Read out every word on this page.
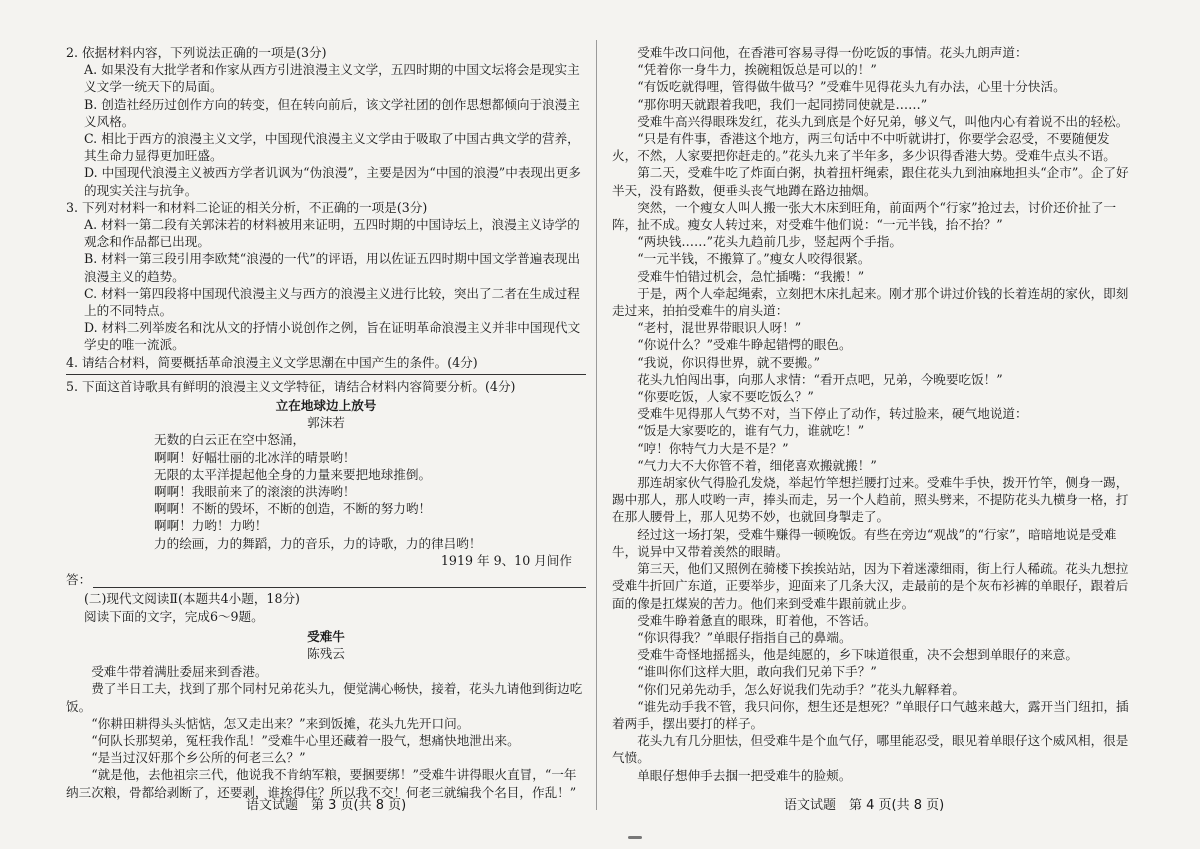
2. 依据材料内容，下列说法正确的一项是(3分)

A. 如果没有大批学者和作家从西方引进浪漫主义文学，五四时期的中国文坛将会是现实主义文学一统天下的局面。

B. 创造社经历过创作方向的转变，但在转向前后，该文学社团的创作思想都倾向于浪漫主义风格。

C. 相比于西方的浪漫主义文学，中国现代浪漫主义文学由于吸取了中国古典文学的营养，其生命力显得更加旺盛。

D. 中国现代浪漫主义被西方学者讥讽为“伪浪漫”，主要是因为“中国的浪漫”中表现出更多的现实关注与抗争。

3. 下列对材料一和材料二论证的相关分析，不正确的一项是(3分)

A. 材料一第二段有关郭沫若的材料被用来证明，五四时期的中国诗坛上，浪漫主义诗学的观念和作品都已出现。

B. 材料一第三段引用李欧梵“浪漫的一代”的评语，用以佐证五四时期中国文学普遍表现出浪漫主义的趋势。

C. 材料一第四段将中国现代浪漫主义与西方的浪漫主义进行比较，突出了二者在生成过程上的不同特点。

D. 材料二列举废名和沈从文的抒情小说创作之例，旨在证明革命浪漫主义并非中国现代文学史的唯一流派。

4. 请结合材料，简要概括革命浪漫主义文学思潮在中国产生的条件。(4分)

5. 下面这首诗歌具有鲜明的浪漫主义文学特征，请结合材料内容简要分析。(4分)

立在地球边上放号

郭沫若

无数的白云正在空中怒涌，

啊啊！好幅壮丽的北冰洋的晴景哟！

无限的太平洋提起他全身的力量来要把地球推倒。

啊啊！我眼前来了的滚滚的洪涛哟！

啊啊！不断的毁坏，不断的创造，不断的努力哟！

啊啊！力哟！力哟！

力的绘画，力的舞蹈，力的音乐，力的诗歌，力的律吕哟！

1919 年 9、10 月间作

答：

(二)现代文阅读Ⅱ(本题共4小题，18分)

阅读下面的文字，完成6～9题。

受难牛

陈残云

受难牛带着满肚委屈来到香港。

费了半日工夫，找到了那个同村兄弟花头九，便觉满心畅快，接着，花头九请他到街边吃饭。

“你耕田耕得头头惦惦，怎又走出来？”来到饭摊，花头九先开口问。

“何队长那契弟，冤枉我作乱！”受难牛心里还藏着一股气，想痛快地泄出来。

“是当过汉奸那个乡公所的何老三么？”

“就是他，去他祖宗三代，他说我不肯纳军粮，要捆要绑！”受难牛讲得眼火直冒，“一年纳三次粮，骨都给剥断了，还要剥，谁挨得住？所以我不交！何老三就编我个名目，作乱！”

受难牛改口问他，在香港可容易寻得一份吃饭的事情。花头九朗声道：

“凭着你一身牛力，挨碗粗饭总是可以的！”

“有饭吃就得哩，管得做牛做马？”受难牛见得花头九有办法，心里十分快活。

“那你明天就跟着我吧，我们一起同捞同使就是……”

受难牛高兴得眼珠发红，花头九到底是个好兄弟，够义气，叫他内心有着说不出的轻松。

“只是有件事，香港这个地方，两三句话中不中听就讲打，你要学会忍受，不要随便发火，不然，人家要把你赶走的。”花头九来了半年多，多少识得香港大势。受难牛点头不语。

第二天，受难牛吃了炸面白粥，执着扭杆绳索，跟住花头九到油麻地担头“企市”。企了好半天，没有路数，便垂头丧气地蹲在路边抽烟。

突然，一个瘦女人叫人搬一张大木床到旺角，前面两个“行家”抢过去，讨价还价扯了一阵，扯不成。瘦女人转过来，对受难牛他们说：“一元半钱，抬不抬？”

“两块钱……”花头九趋前几步，竖起两个手指。

“一元半钱，不搬算了。”瘦女人咬得很紧。

受难牛怕错过机会，急忙插嘴：“我搬！”

于是，两个人牵起绳索，立刻把木床扎起来。刚才那个讲过价钱的长着连胡的家伙，即刻走过来，拍拍受难牛的肩头道：

“老村，混世界带眼识人呀！”

“你说什么？”受难牛睁起错愕的眼色。

“我说，你识得世界，就不要搬。”

花头九怕闯出事，向那人求情：“看开点吧，兄弟，今晚要吃饭！”

“你要吃饭，人家不要吃饭么？”

受难牛见得那人气势不对，当下停止了动作，转过脸来，硬气地说道：

“饭是大家要吃的，谁有气力，谁就吃！”

“哼！你特气力大是不是？”

“气力大不大你管不着，细佬喜欢搬就搬！”

那连胡家伙气得脸孔发烧，举起竹竿想拦腰打过来。受难牛手快，拨开竹竿，侧身一踢，踢中那人，那人哎哟一声，捧头而走，另一个人趋前，照头劈来，不提防花头九横身一格，打在那人腰骨上，那人见势不妙，也就回身掣走了。

经过这一场打架，受难牛赚得一顿晚饭。有些在旁边“观战”的“行家”，暗暗地说是受难牛，说异中又带着羡然的眼睛。

第三天，他们又照例在骑楼下挨挨站站，因为下着迷濛细雨，街上行人稀疏。花头九想拉受难牛折回广东道，正要举步，迎面来了几条大汉，走最前的是个灰布衫裤的单眼仔，跟着后面的像是扛煤炭的苦力。他们来到受难牛跟前就止步。

受难牛睁着惫直的眼珠，盯着他，不答话。

“你识得我？”单眼仔指指自己的鼻端。

受难牛奇怪地摇摇头，他是纯愿的，乡下味道很重，决不会想到单眼仔的来意。

“谁叫你们这样大胆，敢向我们兄弟下手？”

“你们兄弟先动手，怎么好说我们先动手？”花头九解释着。

“谁先动手我不管，我只问你，想生还是想死？”单眼仔口气越来越大，露开当门纽扣，插着两手，摆出要打的样子。

花头九有几分胆怯，但受难牛是个血气仔，哪里能忍受，眼见着单眼仔这个威风相，很是气愤。

单眼仔想伸手去掴一把受难牛的脸颊。

语文试题　第 3 页(共 8 页)	语文试题　第 4 页(共 8 页)
